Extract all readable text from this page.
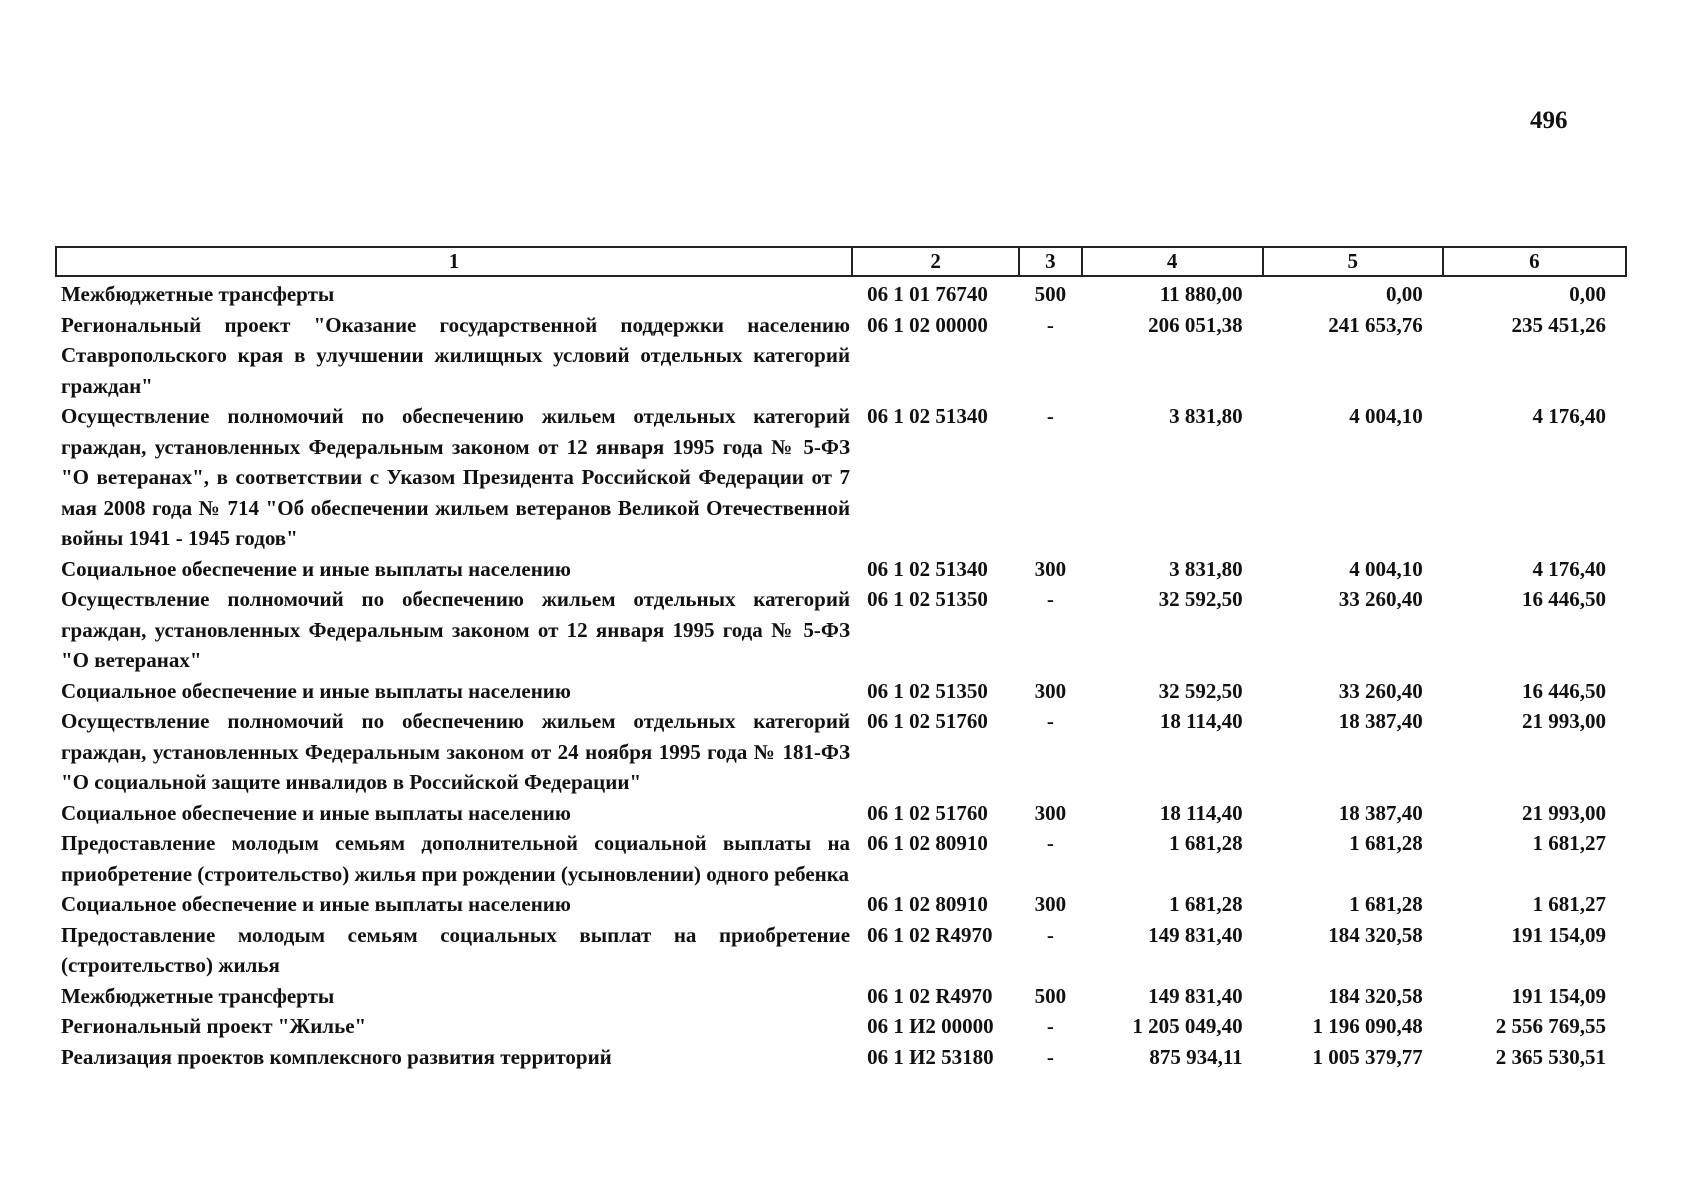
496
1	2	3	4	5	6
Межбюджетные трансферты	06 1 01 76740	500	11 880,00	0,00	0,00
Региональный проект "Оказание государственной поддержки населению Ставропольского края в улучшении жилищных условий отдельных категорий граждан"	06 1 02 00000	-	206 051,38	241 653,76	235 451,26
Осуществление полномочий по обеспечению жильем отдельных категорий граждан, установленных Федеральным законом от 12 января 1995 года № 5-ФЗ "О ветеранах", в соответствии с Указом Президента Российской Федерации от 7 мая 2008 года № 714 "Об обеспечении жильем ветеранов Великой Отечественной войны 1941 - 1945 годов"	06 1 02 51340	-	3 831,80	4 004,10	4 176,40
Социальное обеспечение и иные выплаты населению	06 1 02 51340	300	3 831,80	4 004,10	4 176,40
Осуществление полномочий по обеспечению жильем отдельных категорий граждан, установленных Федеральным законом от 12 января 1995 года № 5-ФЗ "О ветеранах"	06 1 02 51350	-	32 592,50	33 260,40	16 446,50
Социальное обеспечение и иные выплаты населению	06 1 02 51350	300	32 592,50	33 260,40	16 446,50
Осуществление полномочий по обеспечению жильем отдельных категорий граждан, установленных Федеральным законом от 24 ноября 1995 года № 181-ФЗ "О социальной защите инвалидов в Российской Федерации"	06 1 02 51760	-	18 114,40	18 387,40	21 993,00
Социальное обеспечение и иные выплаты населению	06 1 02 51760	300	18 114,40	18 387,40	21 993,00
Предоставление молодым семьям дополнительной социальной выплаты на приобретение (строительство) жилья при рождении (усыновлении) одного ребенка	06 1 02 80910	-	1 681,28	1 681,28	1 681,27
Социальное обеспечение и иные выплаты населению	06 1 02 80910	300	1 681,28	1 681,28	1 681,27
Предоставление молодым семьям социальных выплат на приобретение (строительство) жилья	06 1 02 R4970	-	149 831,40	184 320,58	191 154,09
Межбюджетные трансферты	06 1 02 R4970	500	149 831,40	184 320,58	191 154,09
Региональный проект "Жилье"	06 1 И2 00000	-	1 205 049,40	1 196 090,48	2 556 769,55
Реализация проектов комплексного развития территорий	06 1 И2 53180	-	875 934,11	1 005 379,77	2 365 530,51
